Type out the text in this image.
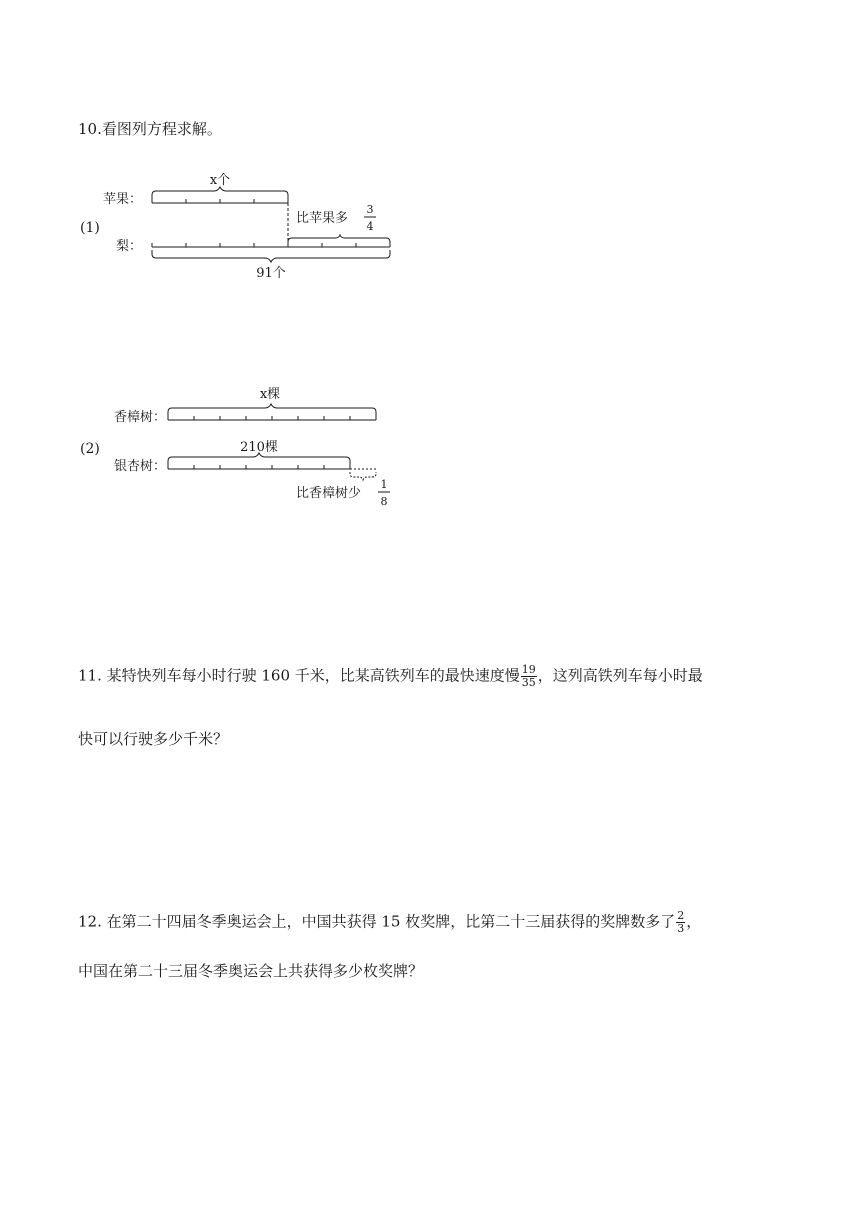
10.看图列方程求解。
(1)
苹果：
梨：
x个
比苹果多
3
4
91个
(2)
香樟树：
银杏树：
x棵
210棵
比香樟树少
1
8
11. 某特快列车每小时行驶 160 千米，比某高铁列车的最快速度慢 $\frac{19}{35}$ ，这列高铁列车每小时最
快可以行驶多少千米？
12. 在第二十四届冬季奥运会上，中国共获得 15 枚奖牌，比第二十三届获得的奖牌数多了 $\frac{2}{3}$ ，
中国在第二十三届冬季奥运会上共获得多少枚奖牌？
